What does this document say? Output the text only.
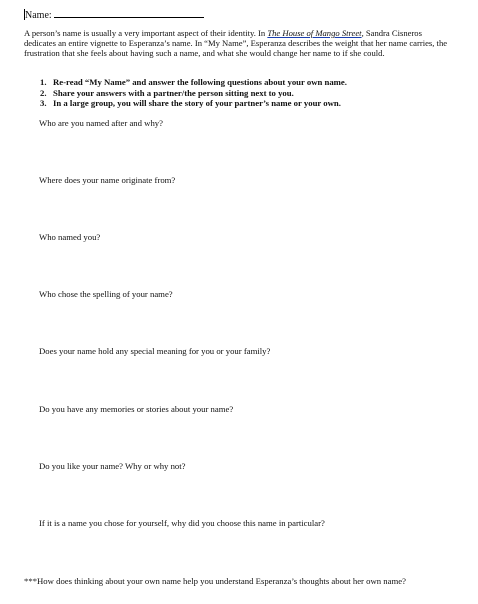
Name:
A person’s name is usually a very important aspect of their identity. In The House of Mango Street, Sandra Cisneros dedicates an entire vignette to Esperanza’s name. In “My Name”, Esperanza describes the weight that her name carries, the frustration that she feels about having such a name, and what she would change her name to if she could.
1. Re-read “My Name” and answer the following questions about your own name.
2. Share your answers with a partner/the person sitting next to you.
3. In a large group, you will share the story of your partner’s name or your own.
Who are you named after and why?
Where does your name originate from?
Who named you?
Who chose the spelling of your name?
Does your name hold any special meaning for you or your family?
Do you have any memories or stories about your name?
Do you like your name? Why or why not?
If it is a name you chose for yourself, why did you choose this name in particular?
***How does thinking about your own name help you understand Esperanza’s thoughts about her own name?
